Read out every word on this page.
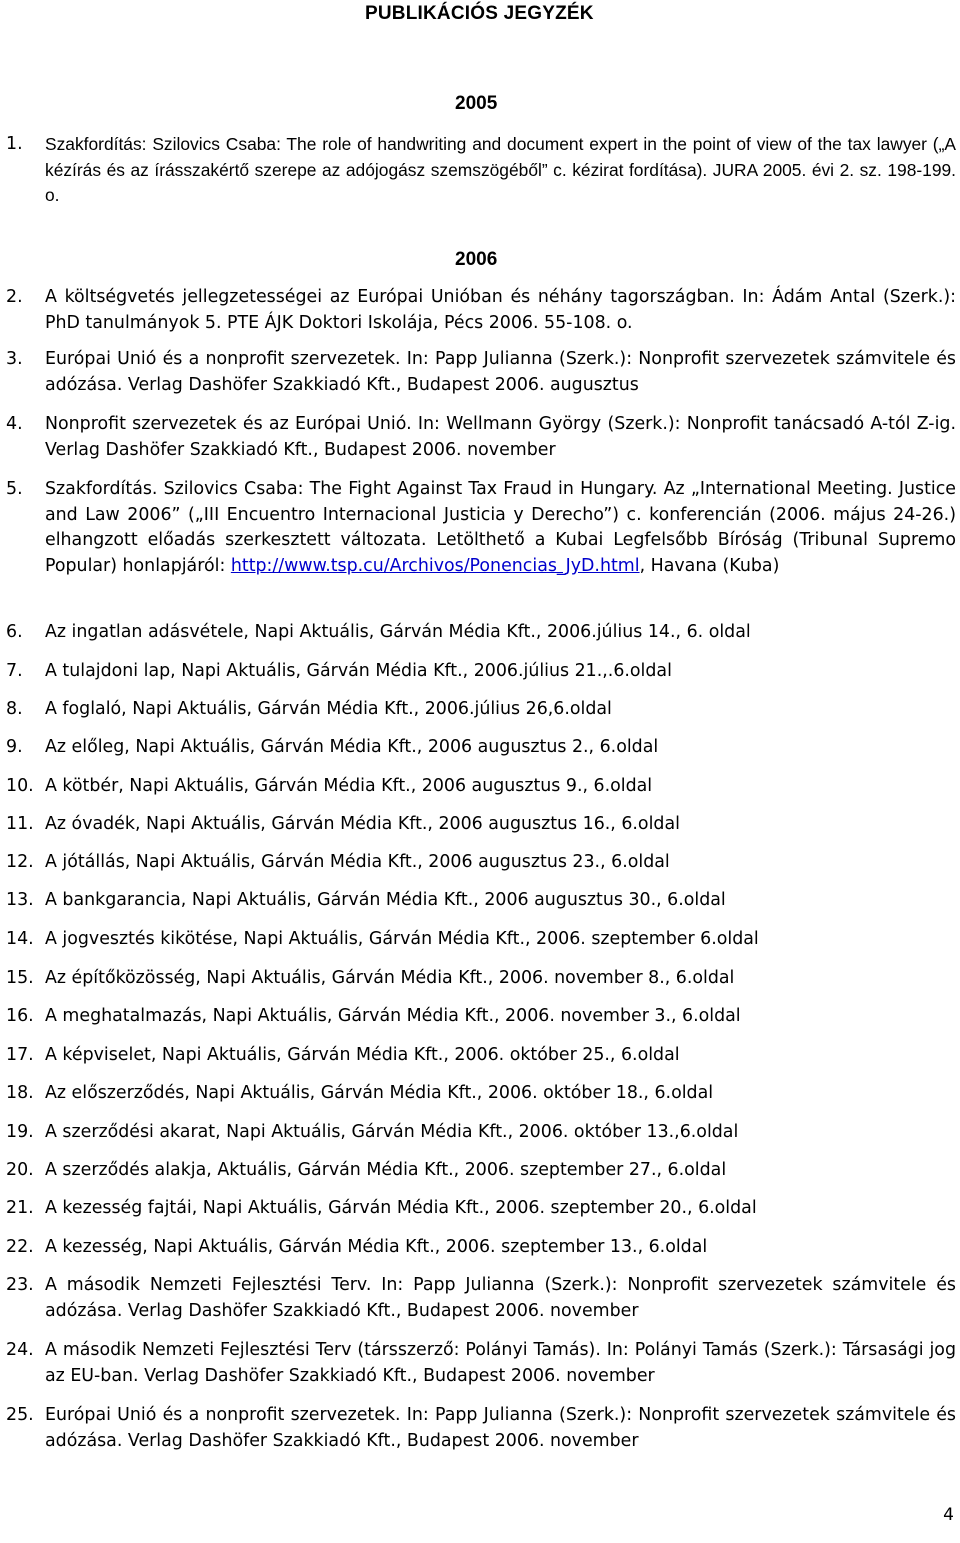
PUBLIKÁCIÓS JEGYZÉK
2005
1. Szakfordítás: Szilovics Csaba: The role of handwriting and document expert in the point of view of the tax lawyer („A kézírás és az írásszakértő szerepe az adójogász szemszögéből” c. kézirat fordítása). JURA 2005. évi 2. sz. 198-199. o.
2006
2. A költségvetés jellegzetességei az Európai Unióban és néhány tagországban. In: Ádám Antal (Szerk.): PhD tanulmányok 5. PTE ÁJK Doktori Iskolája, Pécs 2006. 55-108. o.
3. Európai Unió és a nonprofit szervezetek. In: Papp Julianna (Szerk.): Nonprofit szervezetek számvitele és adózása. Verlag Dashöfer Szakkiadó Kft., Budapest 2006. augusztus
4. Nonprofit szervezetek és az Európai Unió. In: Wellmann György (Szerk.): Nonprofit tanácsadó A-tól Z-ig. Verlag Dashöfer Szakkiadó Kft., Budapest 2006. november
5. Szakfordítás. Szilovics Csaba: The Fight Against Tax Fraud in Hungary. Az „International Meeting. Justice and Law 2006” („III Encuentro Internacional Justicia y Derecho”) c. konferencián (2006. május 24-26.) elhangzott előadás szerkesztett változata. Letölthető a Kubai Legfelsőbb Bíróság (Tribunal Supremo Popular) honlapjáról: http://www.tsp.cu/Archivos/Ponencias_JyD.html, Havana (Kuba)
6. Az ingatlan adásvétele, Napi Aktuális, Gárván Média Kft., 2006.július 14., 6. oldal
7. A tulajdoni lap, Napi Aktuális, Gárván Média Kft., 2006.július 21.,.6.oldal
8. A foglaló, Napi Aktuális, Gárván Média Kft., 2006.július 26,6.oldal
9. Az előleg, Napi Aktuális, Gárván Média Kft., 2006 augusztus 2., 6.oldal
10. A kötbér, Napi Aktuális, Gárván Média Kft., 2006 augusztus 9., 6.oldal
11. Az óvadék, Napi Aktuális, Gárván Média Kft., 2006 augusztus 16., 6.oldal
12. A jótállás, Napi Aktuális, Gárván Média Kft., 2006 augusztus 23., 6.oldal
13. A bankgarancia, Napi Aktuális, Gárván Média Kft., 2006 augusztus 30., 6.oldal
14. A jogvesztés kikötése, Napi Aktuális, Gárván Média Kft., 2006. szeptember 6.oldal
15. Az építőközösség, Napi Aktuális, Gárván Média Kft., 2006. november 8., 6.oldal
16. A meghatalmazás, Napi Aktuális, Gárván Média Kft., 2006. november 3., 6.oldal
17. A képviselet, Napi Aktuális, Gárván Média Kft., 2006. október 25., 6.oldal
18. Az előszerződés, Napi Aktuális, Gárván Média Kft., 2006. október 18., 6.oldal
19. A szerződési akarat, Napi Aktuális, Gárván Média Kft., 2006. október 13.,6.oldal
20. A szerződés alakja, Aktuális, Gárván Média Kft., 2006. szeptember 27., 6.oldal
21. A kezesség fajtái, Napi Aktuális, Gárván Média Kft., 2006. szeptember 20., 6.oldal
22. A kezesség, Napi Aktuális, Gárván Média Kft., 2006. szeptember 13., 6.oldal
23. A második Nemzeti Fejlesztési Terv. In: Papp Julianna (Szerk.): Nonprofit szervezetek számvitele és adózása. Verlag Dashöfer Szakkiadó Kft., Budapest 2006. november
24. A második Nemzeti Fejlesztési Terv (társszerző: Polányi Tamás). In: Polányi Tamás (Szerk.): Társasági jog az EU-ban. Verlag Dashöfer Szakkiadó Kft., Budapest 2006. november
25. Európai Unió és a nonprofit szervezetek. In: Papp Julianna (Szerk.): Nonprofit szervezetek számvitele és adózása. Verlag Dashöfer Szakkiadó Kft., Budapest 2006. november
4
